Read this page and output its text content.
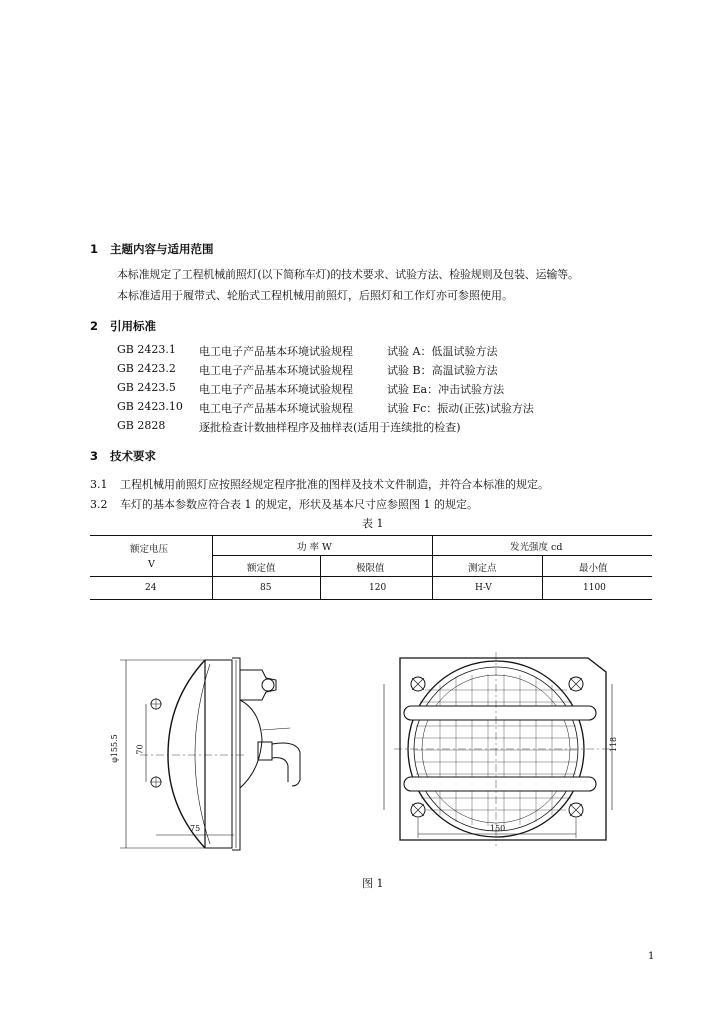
1 主题内容与适用范围
本标准规定了工程机械前照灯(以下简称车灯)的技术要求、试验方法、检验规则及包装、运输等。
本标准适用于履带式、轮胎式工程机械用前照灯，后照灯和工作灯亦可参照使用。
2 引用标准
GB 2423.1 电工电子产品基本环境试验规程	试验 A：低温试验方法
GB 2423.2 电工电子产品基本环境试验规程	试验 B：高温试验方法
GB 2423.5 电工电子产品基本环境试验规程	试验 Ea：冲击试验方法
GB 2423.10 电工电子产品基本环境试验规程	试验 Fc：振动(正弦)试验方法
GB 2828	逐批检查计数抽样程序及抽样表(适用于连续批的检查)
3 技术要求
3.1 工程机械用前照灯应按照经规定程序批准的图样及技术文件制造，并符合本标准的规定。
3.2 车灯的基本参数应符合表 1 的规定，形状及基本尺寸应参照图 1 的规定。
表 1
额定电压
V
功 率 W	发光强度 cd
额定值	极限值	测定点	最小值
24	85	120	H-V	1100
φ155.5 70
75
118
150
图 1
1
